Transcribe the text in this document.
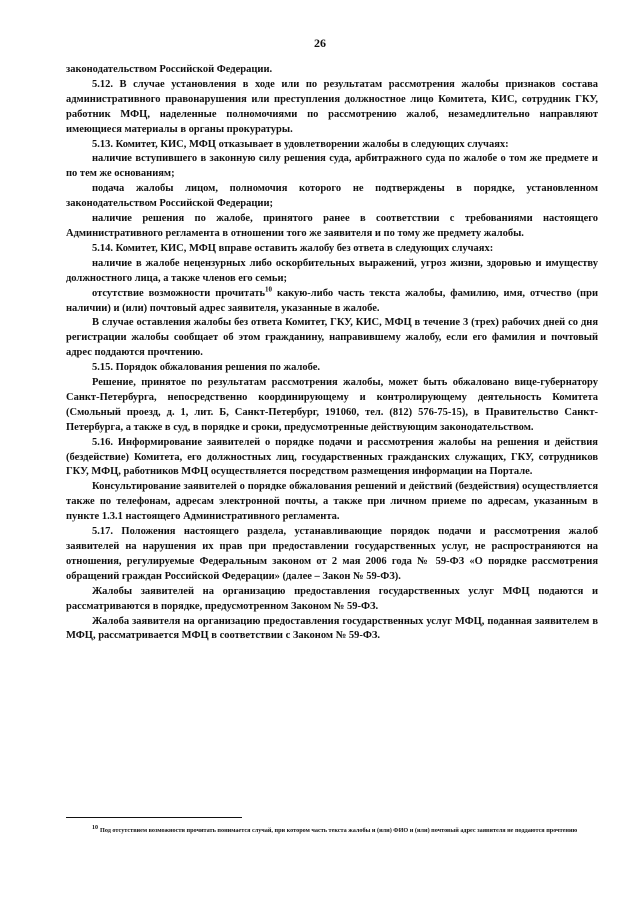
26

законодательством Российской Федерации.

5.12. В случае установления в ходе или по результатам рассмотрения жалобы признаков состава административного правонарушения или преступления должностное лицо Комитета, КИС, сотрудник ГКУ, работник МФЦ, наделенные полномочиями по рассмотрению жалоб, незамедлительно направляют имеющиеся материалы в органы прокуратуры.

5.13. Комитет, КИС, МФЦ отказывает в удовлетворении жалобы в следующих случаях:

наличие вступившего в законную силу решения суда, арбитражного суда по жалобе о том же предмете и по тем же основаниям;

подача жалобы лицом, полномочия которого не подтверждены в порядке, установленном законодательством Российской Федерации;

наличие решения по жалобе, принятого ранее в соответствии с требованиями настоящего Административного регламента в отношении того же заявителя и по тому же предмету жалобы.

5.14. Комитет, КИС, МФЦ вправе оставить жалобу без ответа в следующих случаях:

наличие в жалобе нецензурных либо оскорбительных выражений, угроз жизни, здоровью и имуществу должностного лица, а также членов его семьи;

отсутствие возможности прочитать$^{10}$ какую-либо часть текста жалобы, фамилию, имя, отчество (при наличии) и (или) почтовый адрес заявителя, указанные в жалобе.

В случае оставления жалобы без ответа Комитет, ГКУ, КИС, МФЦ в течение 3 (трех) рабочих дней со дня регистрации жалобы сообщает об этом гражданину, направившему жалобу, если его фамилия и почтовый адрес поддаются прочтению.

5.15. Порядок обжалования решения по жалобе.

Решение, принятое по результатам рассмотрения жалобы, может быть обжаловано вице-губернатору Санкт-Петербурга, непосредственно координирующему и контролирующему деятельность Комитета (Смольный проезд, д. 1, лит. Б, Санкт-Петербург, 191060, тел. (812) 576-75-15), в Правительство Санкт-Петербурга, а также в суд, в порядке и сроки, предусмотренные действующим законодательством.

5.16. Информирование заявителей о порядке подачи и рассмотрения жалобы на решения и действия (бездействие) Комитета, его должностных лиц, государственных гражданских служащих, ГКУ, сотрудников ГКУ, МФЦ, работников МФЦ осуществляется посредством размещения информации на Портале.

Консультирование заявителей о порядке обжалования решений и действий (бездействия) осуществляется также по телефонам, адресам электронной почты, а также при личном приеме по адресам, указанным в пункте 1.3.1 настоящего Административного регламента.

5.17. Положения настоящего раздела, устанавливающие порядок подачи и рассмотрения жалоб заявителей на нарушения их прав при предоставлении государственных услуг, не распространяются на отношения, регулируемые Федеральным законом от 2 мая 2006 года № 59-ФЗ «О порядке рассмотрения обращений граждан Российской Федерации» (далее – Закон № 59-ФЗ).

Жалобы заявителей на организацию предоставления государственных услуг МФЦ подаются и рассматриваются в порядке, предусмотренном Законом № 59-ФЗ.

Жалоба заявителя на организацию предоставления государственных услуг МФЦ, поданная заявителем в МФЦ, рассматривается МФЦ в соответствии с Законом № 59-ФЗ.

10 Под отсутствием возможности прочитать понимается случай, при котором часть текста жалобы и (или) ФИО и (или) почтовый адрес заявителя не поддаются прочтению
